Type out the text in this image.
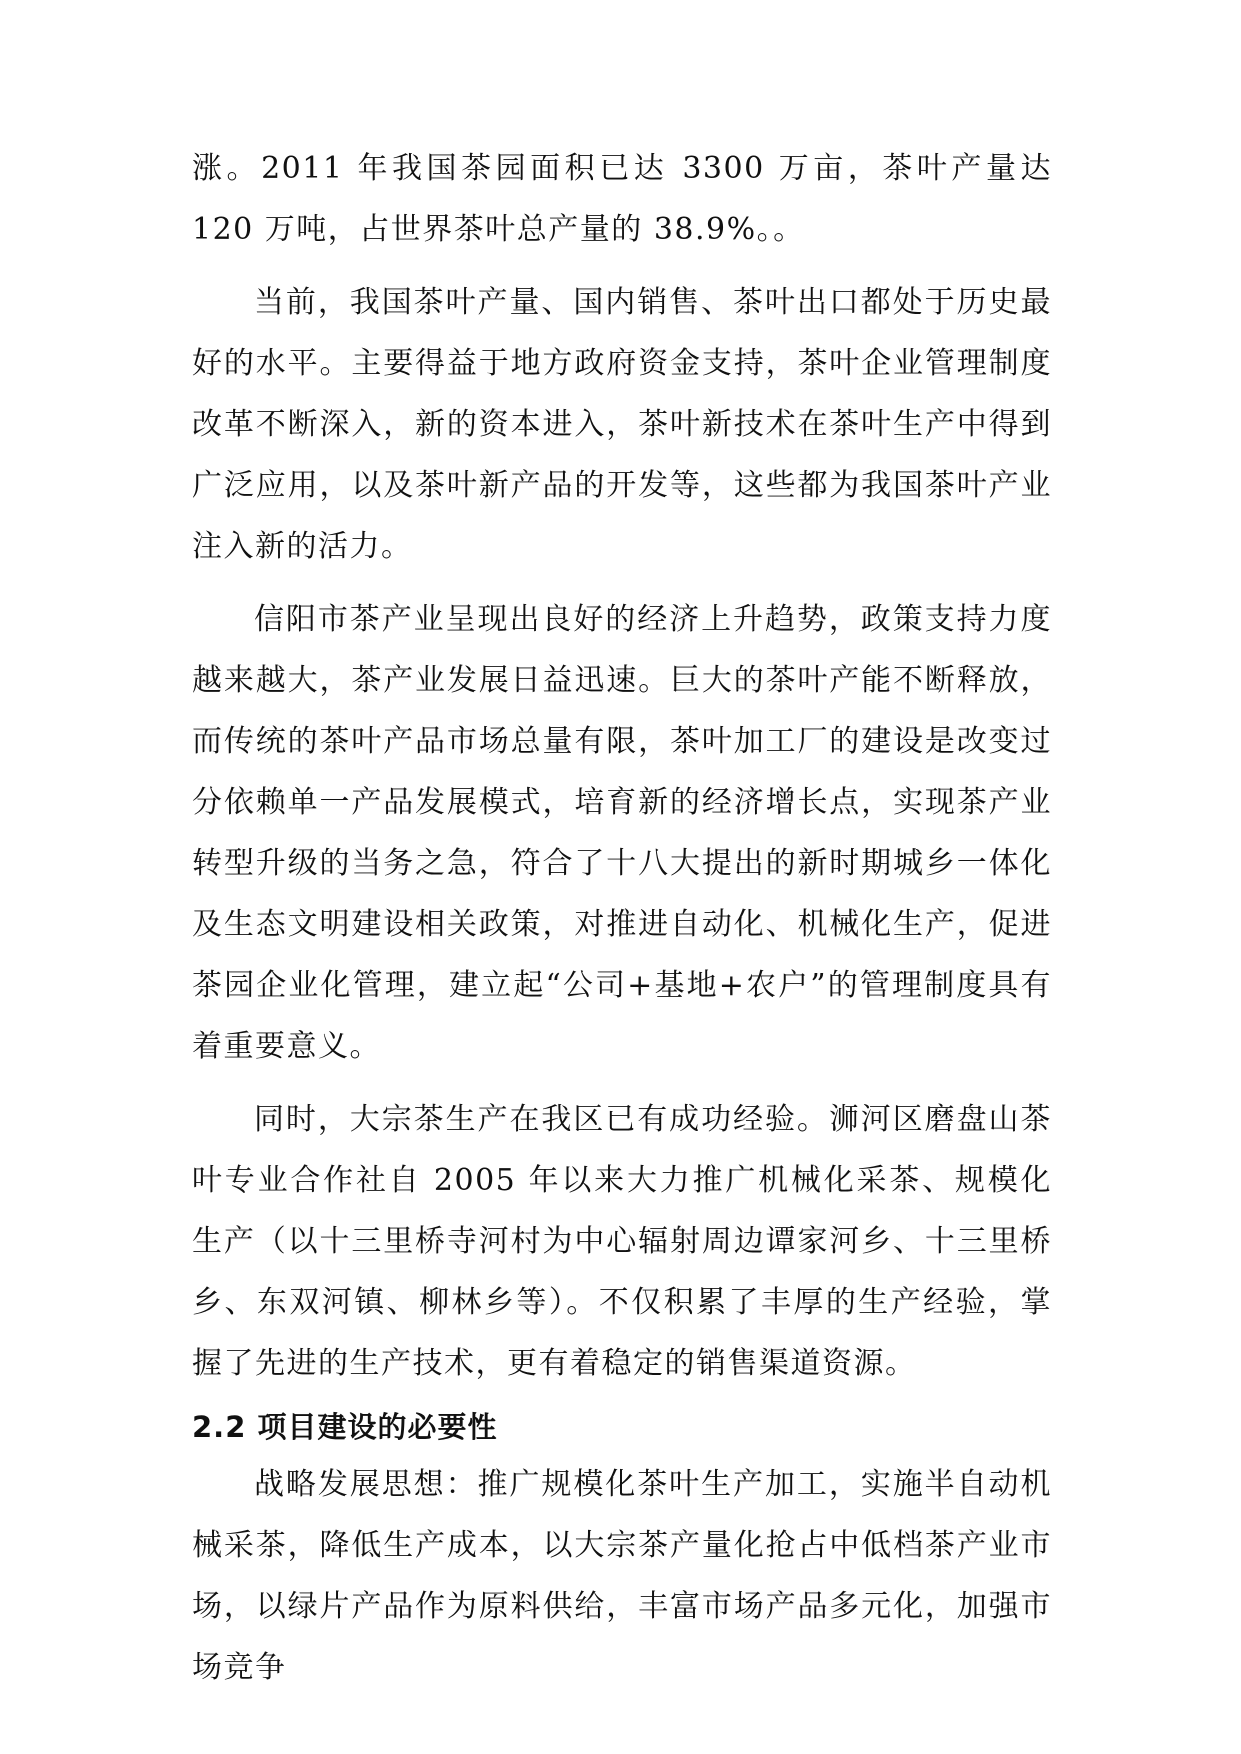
涨。2011 年我国茶园面积已达 3300 万亩，茶叶产量达 120 万吨，占世界茶叶总产量的 38.9%。。

当前，我国茶叶产量、国内销售、茶叶出口都处于历史最好的水平。主要得益于地方政府资金支持，茶叶企业管理制度改革不断深入，新的资本进入，茶叶新技术在茶叶生产中得到广泛应用，以及茶叶新产品的开发等，这些都为我国茶叶产业注入新的活力。

信阳市茶产业呈现出良好的经济上升趋势，政策支持力度越来越大，茶产业发展日益迅速。巨大的茶叶产能不断释放，而传统的茶叶产品市场总量有限，茶叶加工厂的建设是改变过分依赖单一产品发展模式，培育新的经济增长点，实现茶产业转型升级的当务之急，符合了十八大提出的新时期城乡一体化及生态文明建设相关政策，对推进自动化、机械化生产，促进茶园企业化管理，建立起“公司+基地+农户”的管理制度具有着重要意义。

同时，大宗茶生产在我区已有成功经验。浉河区磨盘山茶叶专业合作社自 2005 年以来大力推广机械化采茶、规模化生产（以十三里桥寺河村为中心辐射周边谭家河乡、十三里桥乡、东双河镇、柳林乡等）。不仅积累了丰厚的生产经验，掌握了先进的生产技术，更有着稳定的销售渠道资源。

2.2 项目建设的必要性

战略发展思想：推广规模化茶叶生产加工，实施半自动机械采茶，降低生产成本，以大宗茶产量化抢占中低档茶产业市场，以绿片产品作为原料供给，丰富市场产品多元化，加强市场竞争
